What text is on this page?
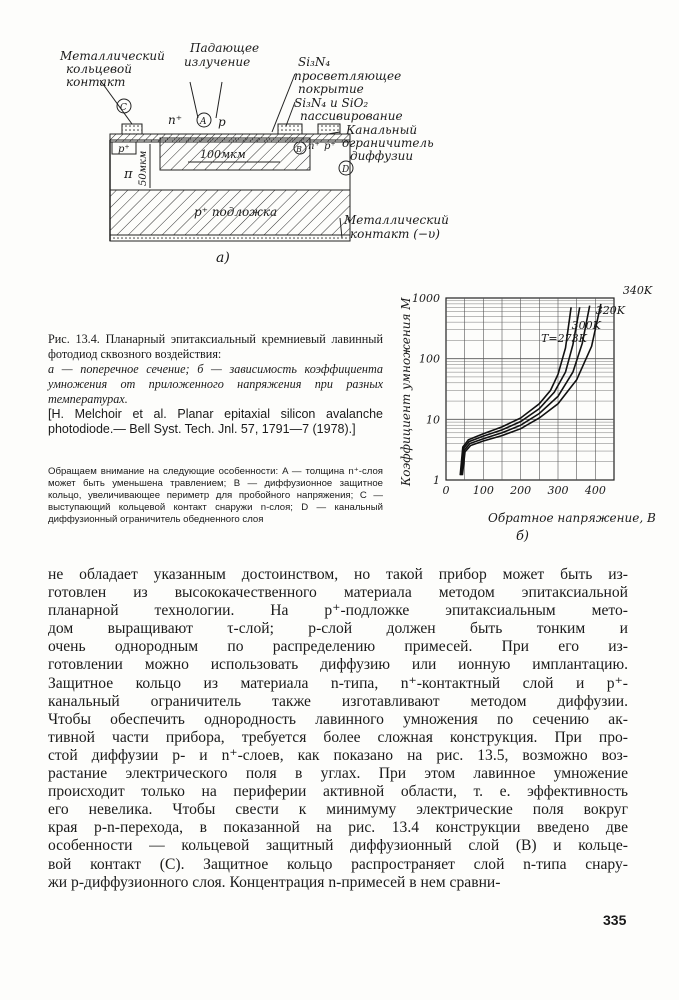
Металлический
кольцевой
контакт
Падающее
излучение	Si₃N₄
просветляющее
покрытие
Si₃N₄ и SiO₂
пассивирование
Канальный
ограничитель
диффузии
Металлический
контакт (−υ)
n⁺	p
p⁺
π 50мкм	100мкм
p⁺ подложка
n⁺ p⁺
C
A
B
D
а)
0 100 200 300 400
1
10
100
1000
T=273K
300K
320K
340K
Обратное напряжение, В
Коэффициент умножения M
б)

Рис. 13.4. Планарный эпитаксиальный кремниевый лавинный фотодиод сквозного воздействия:

а — поперечное сечение; б — зависимость коэффициента умножения от приложенного напряжения при разных температурах.

[H. Melchoir et al. Planar epitaxial silicon avalanche photodiode.— Bell Syst. Tech. Jnl. 57, 1791—7 (1978).]

Обращаем внимание на следующие особенности: A — толщина n⁺-слоя может быть уменьшена травлением; B — диффузионное защитное кольцо, увеличивающее периметр для пробойного напряжения; C — выступающий кольцевой контакт снаружи n-слоя; D — канальный диффузионный ограничитель обедненного слоя

не обладает указанным достоинством, но такой прибор может быть из-

готовлен из высококачественного материала методом эпитаксиальной

планарной технологии. На p⁺-подложке эпитаксиальным мето-

дом выращивают τ-слой; p-слой должен быть тонким и

очень однородным по распределению примесей. При его из-

готовлении можно использовать диффузию или ионную имплантацию.

Защитное кольцо из материала n-типа, n⁺-контактный слой и p⁺-

канальный ограничитель также изготавливают методом диффузии.

Чтобы обеспечить однородность лавинного умножения по сечению ак-

тивной части прибора, требуется более сложная конструкция. При про-

стой диффузии p- и n⁺-слоев, как показано на рис. 13.5, возможно воз-

растание электрического поля в углах. При этом лавинное умножение

происходит только на периферии активной области, т. е. эффективность

его невелика. Чтобы свести к минимуму электрические поля вокруг

края p-n-перехода, в показанной на рис. 13.4 конструкции введено две

особенности — кольцевой защитный диффузионный слой (B) и кольце-

вой контакт (C). Защитное кольцо распространяет слой n-типа снару-

жи p-диффузионного слоя. Концентрация n-примесей в нем сравни-

335
